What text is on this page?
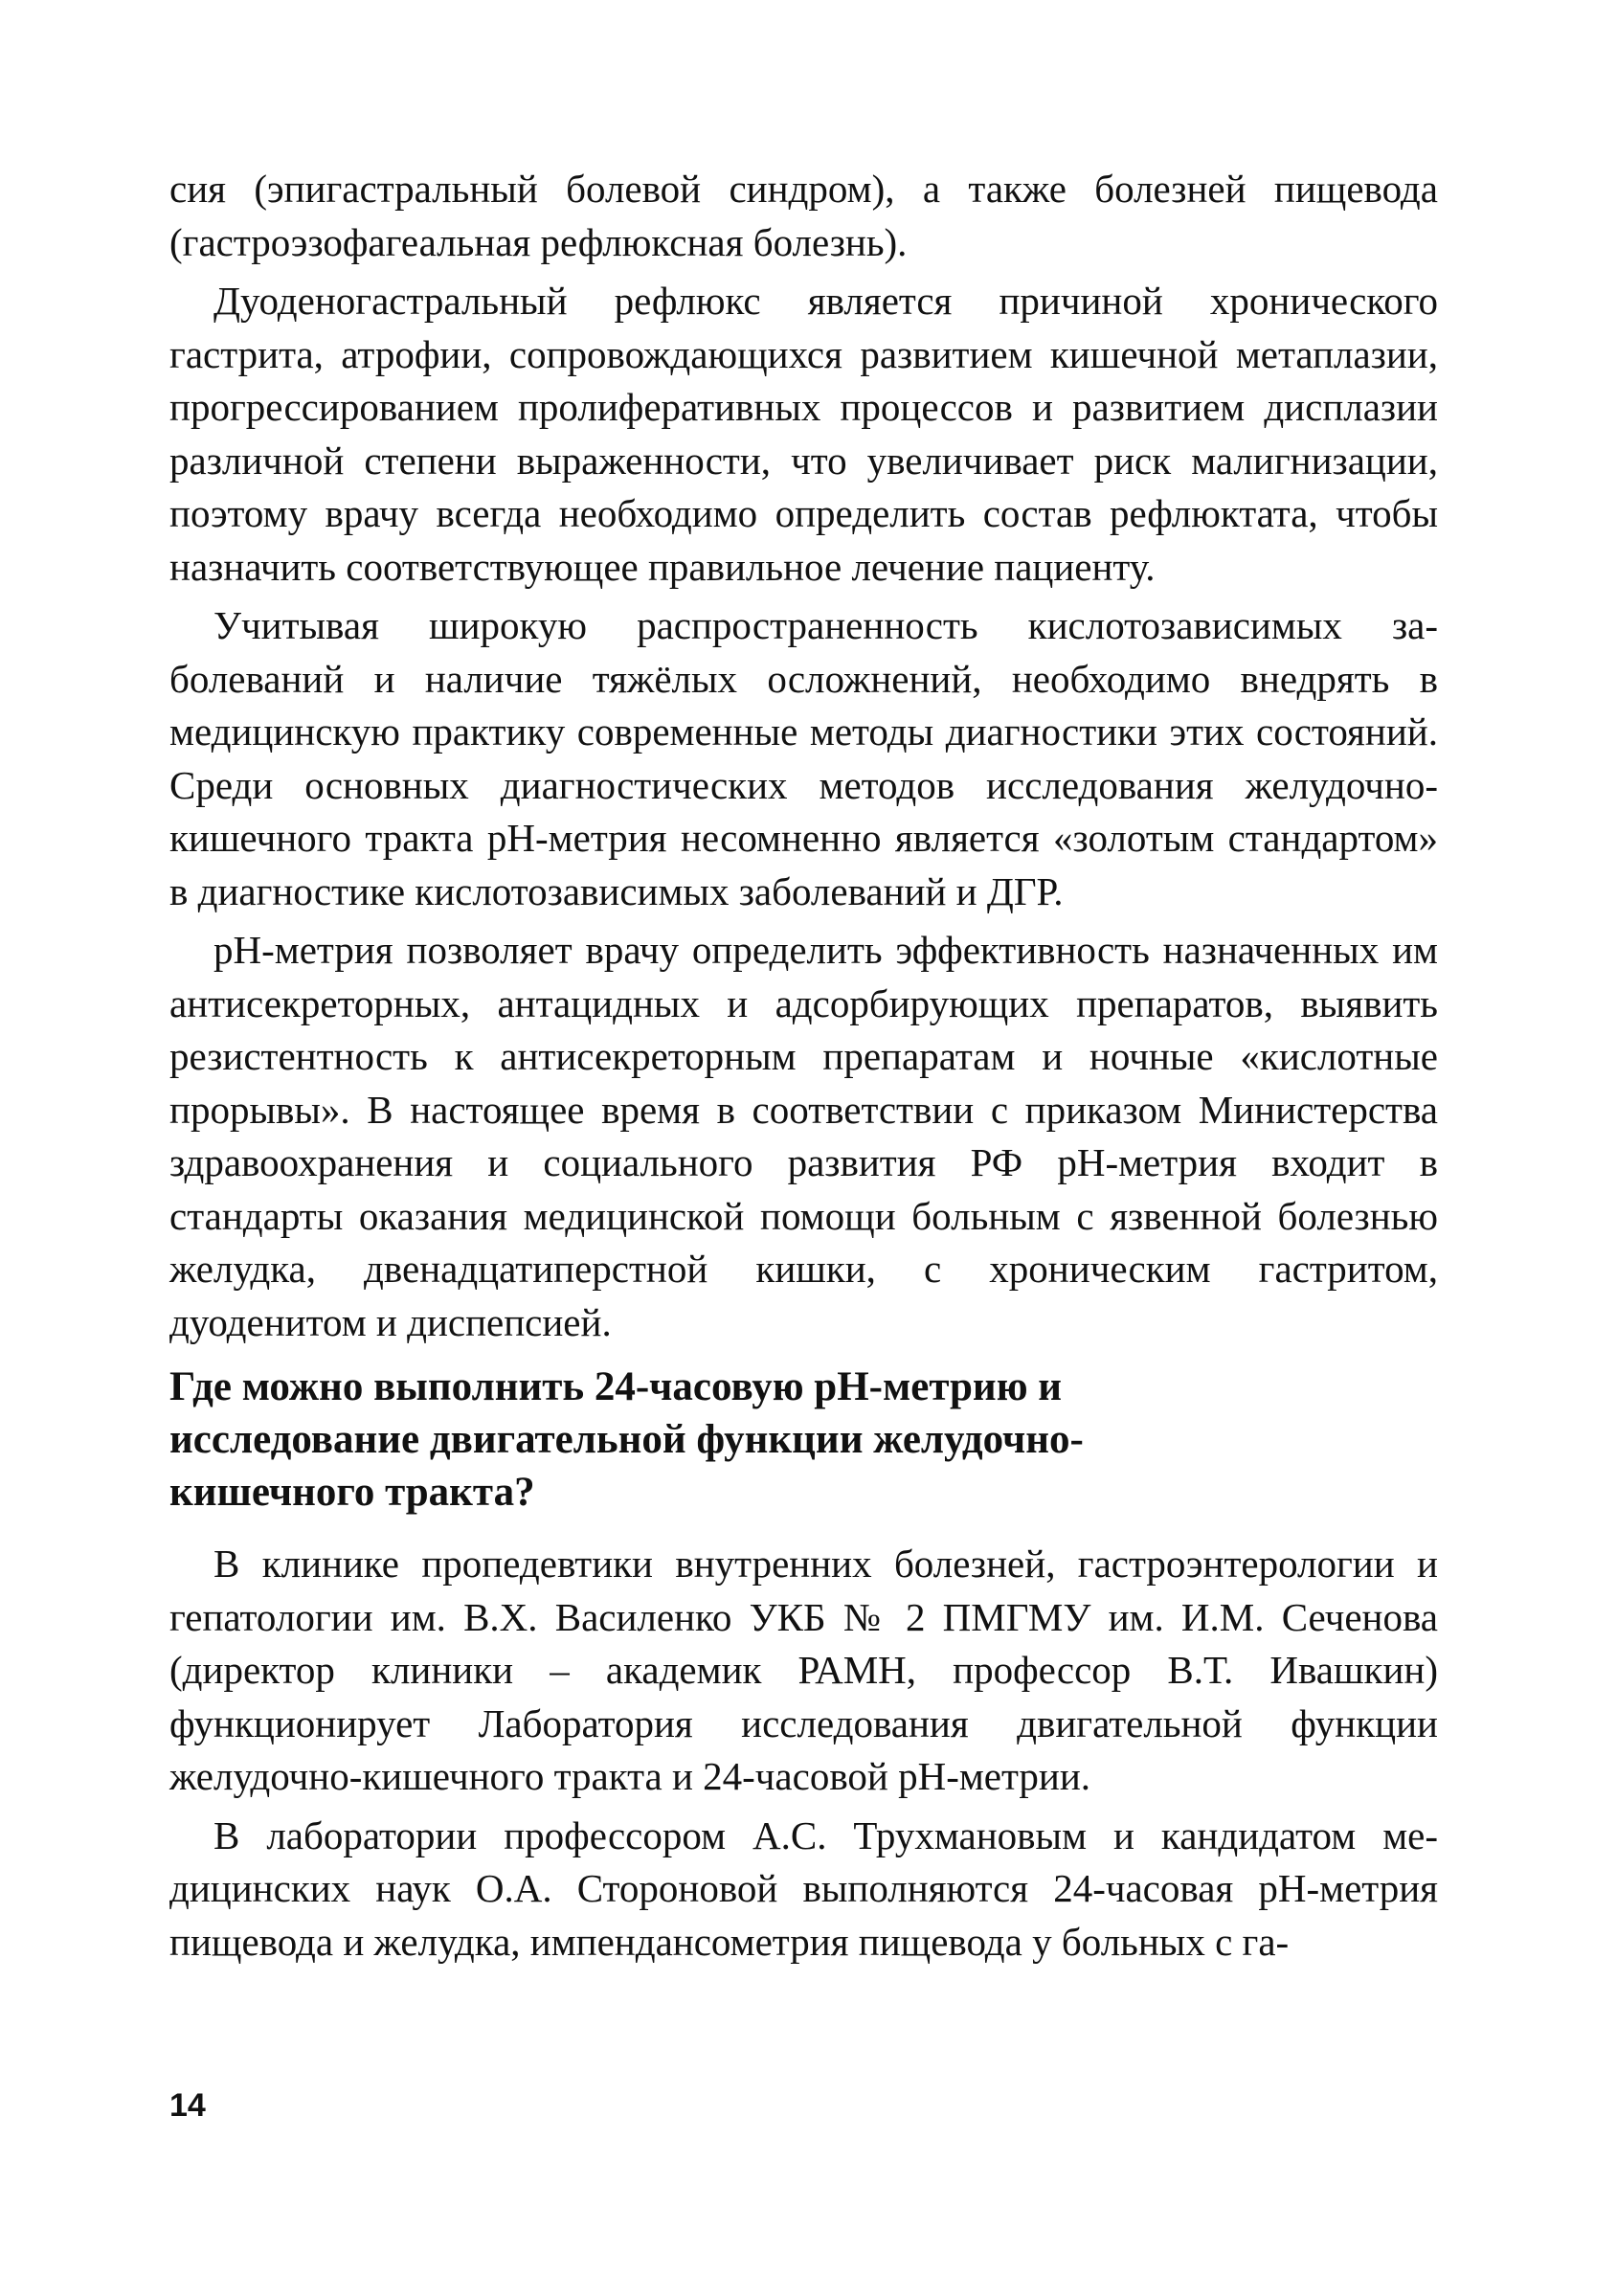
сия (эпигастральный болевой синдром), а также болезней пищевода (гастроэзофагеальная рефлюксная болезнь).

Дуоденогастральный рефлюкс является причиной хронического гастрита, атрофии, сопровождающихся развитием кишечной метаплазии, прогрессированием пролиферативных процессов и развитием дисплазии различной степени выраженности, что увеличивает риск малигнизации, поэтому врачу всегда необходимо определить состав рефлюктата, чтобы назначить соответствующее правильное лечение пациенту.

Учитывая широкую распространенность кислотозависимых заболеваний и наличие тяжёлых осложнений, необходимо внедрять в медицинскую практику современные методы диагностики этих состояний. Среди основных диагностических методов исследования желудочно-кишечного тракта pH-метрия несомненно является «золотым стандартом» в диагностике кислотозависимых заболеваний и ДГР.

pH-метрия позволяет врачу определить эффективность назначенных им антисекреторных, антацидных и адсорбирующих препаратов, выявить резистентность к антисекреторным препаратам и ночные «кислотные прорывы». В настоящее время в соответствии с приказом Министерства здравоохранения и социального развития РФ pH-метрия входит в стандарты оказания медицинской помощи больным с язвенной болезнью желудка, двенадцатиперстной кишки, с хроническим гастритом, дуоденитом и диспепсией.

Где можно выполнить 24-часовую рН-метрию и
исследование двигательной функции желудочно-
кишечного тракта?

В клинике пропедевтики внутренних болезней, гастроэнтерологии и гепатологии им. В.Х. Василенко УКБ № 2 ПМГМУ им. И.М. Сеченова (директор клиники – академик РАМН, профессор В.Т. Ивашкин) функционирует Лаборатория исследования двигательной функции желудочно-кишечного тракта и 24-часовой pH-метрии.

В лаборатории профессором А.С. Трухмановым и кандидатом медицинских наук О.А. Стороновой выполняются 24-часовая pH-метрия пищевода и желудка, импендансометрия пищевода у больных с га-

14
